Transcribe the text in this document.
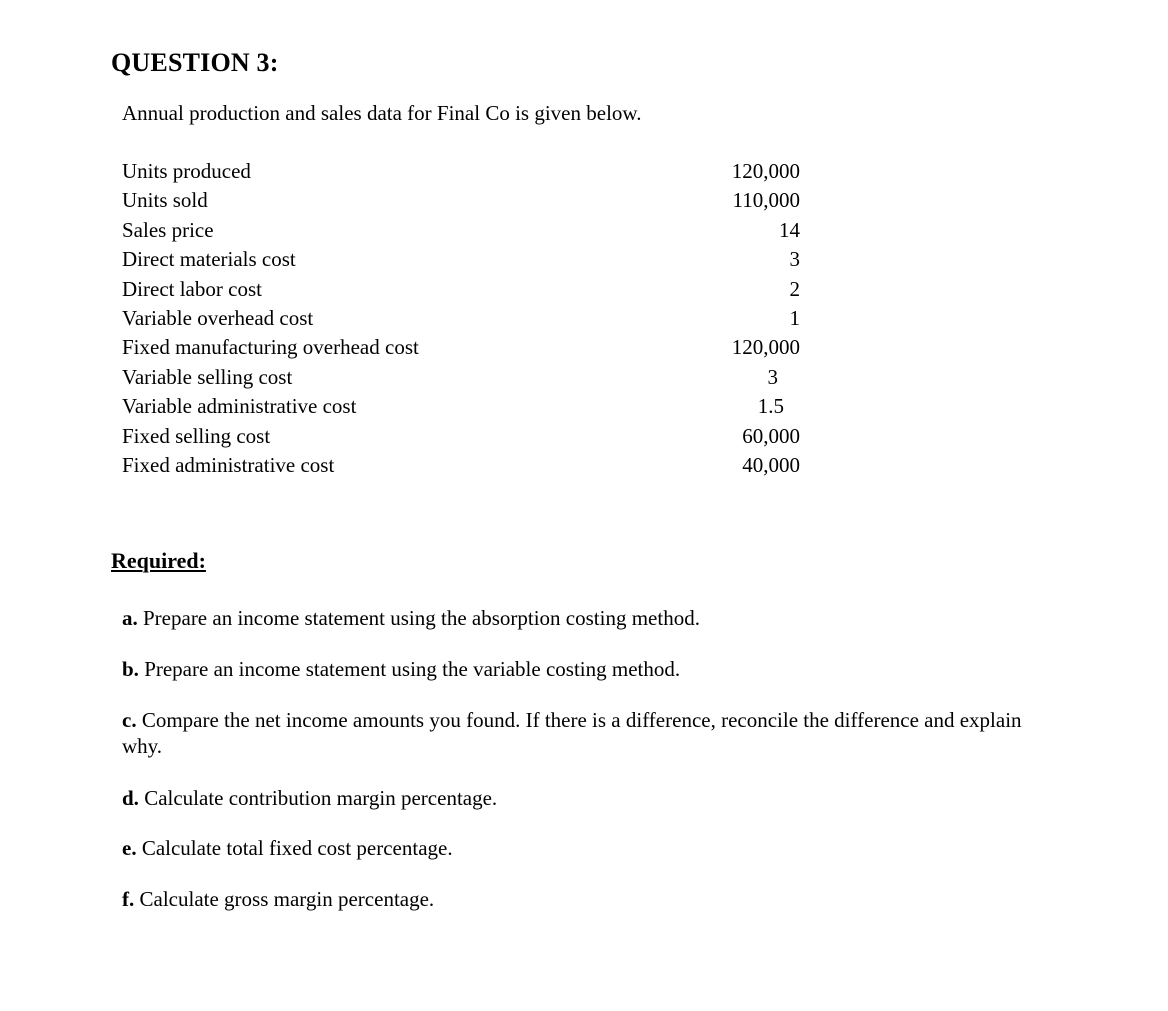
QUESTION 3:
Annual production and sales data for Final Co is given below.
Units produced	120,000
Units sold	110,000
Sales price	14
Direct materials cost	3
Direct labor cost	2
Variable overhead cost	1
Fixed manufacturing overhead cost	120,000
Variable selling cost	3
Variable administrative cost	1.5
Fixed selling cost	60,000
Fixed administrative cost	40,000
Required:
a. Prepare an income statement using the absorption costing method.
b. Prepare an income statement using the variable costing method.
c. Compare the net income amounts you found. If there is a difference, reconcile the difference and explain why.
d. Calculate contribution margin percentage.
e. Calculate total fixed cost percentage.
f. Calculate gross margin percentage.
